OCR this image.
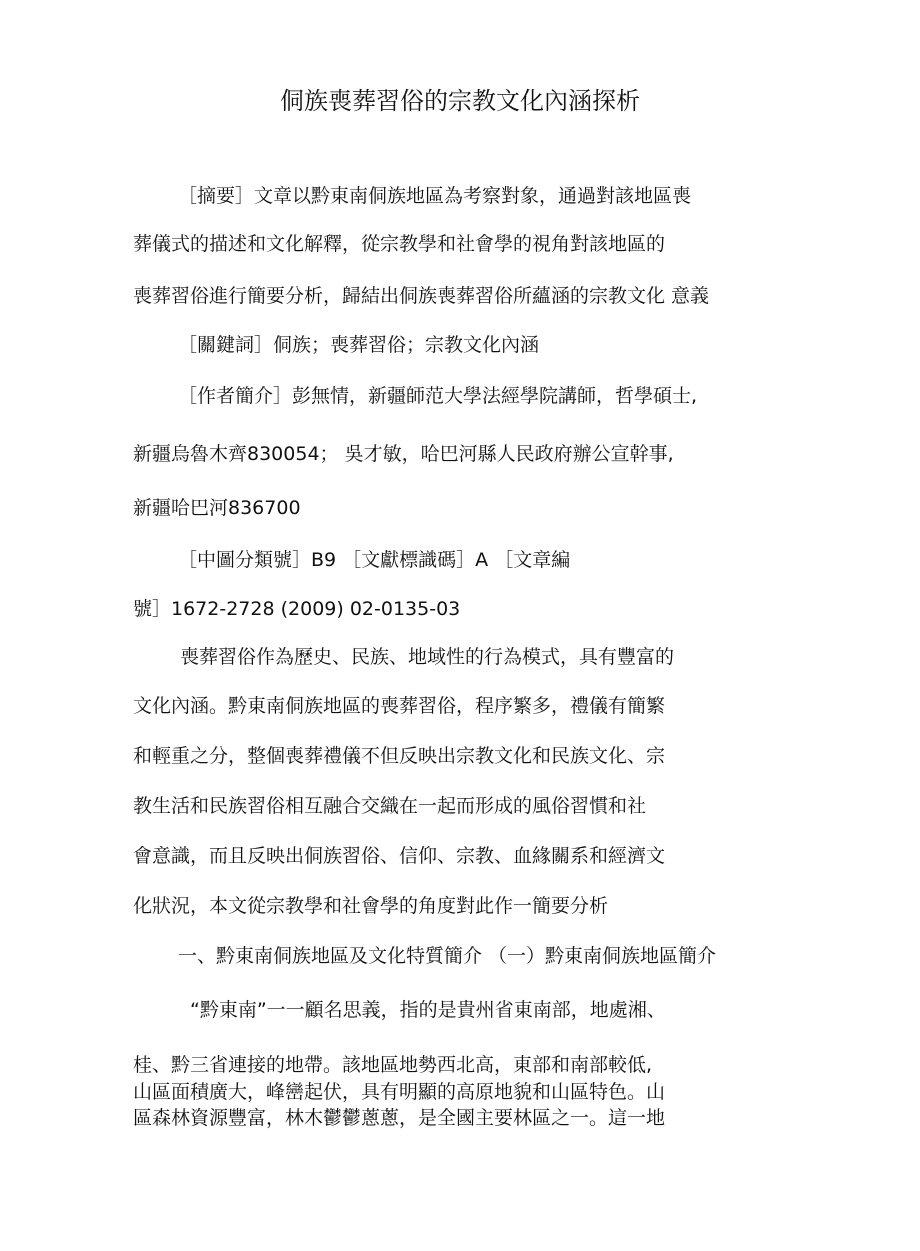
侗族喪葬習俗的宗教文化內涵探析
［摘要］文章以黔東南侗族地區為考察對象，通過對該地區喪
葬儀式的描述和文化解釋，從宗教學和社會學的視角對該地區的
喪葬習俗進行簡要分析，歸結出侗族喪葬習俗所蘊涵的宗教文化 意義
［關鍵詞］侗族；喪葬習俗；宗教文化內涵
［作者簡介］彭無情，新疆師范大學法經學院講師，哲學碩士,
新疆烏魯木齊830054； 吳才敏，哈巴河縣人民政府辦公宣幹事,
新疆哈巴河836700
［中圖分類號］B9 ［文獻標識碼］A ［文章編
號］1672-2728 (2009) 02-0135-03
喪葬習俗作為歷史、民族、地域性的行為模式，具有豐富的
文化內涵。黔東南侗族地區的喪葬習俗，程序繁多，禮儀有簡繁
和輕重之分，整個喪葬禮儀不但反映出宗教文化和民族文化、宗
教生活和民族習俗相互融合交織在一起而形成的風俗習慣和社
會意識，而且反映出侗族習俗、信仰、宗教、血緣關系和經濟文
化狀況，本文從宗教學和社會學的角度對此作一簡要分析
一、黔東南侗族地區及文化特質簡介 （一）黔東南侗族地區簡介
“黔東南”一一顧名思義，指的是貴州省東南部，地處湘、
桂、黔三省連接的地帶。該地區地勢西北高，東部和南部較低,
山區面積廣大，峰巒起伏，具有明顯的高原地貌和山區特色。山
區森林資源豐富，林木鬱鬱蔥蔥，是全國主要林區之一。這一地
